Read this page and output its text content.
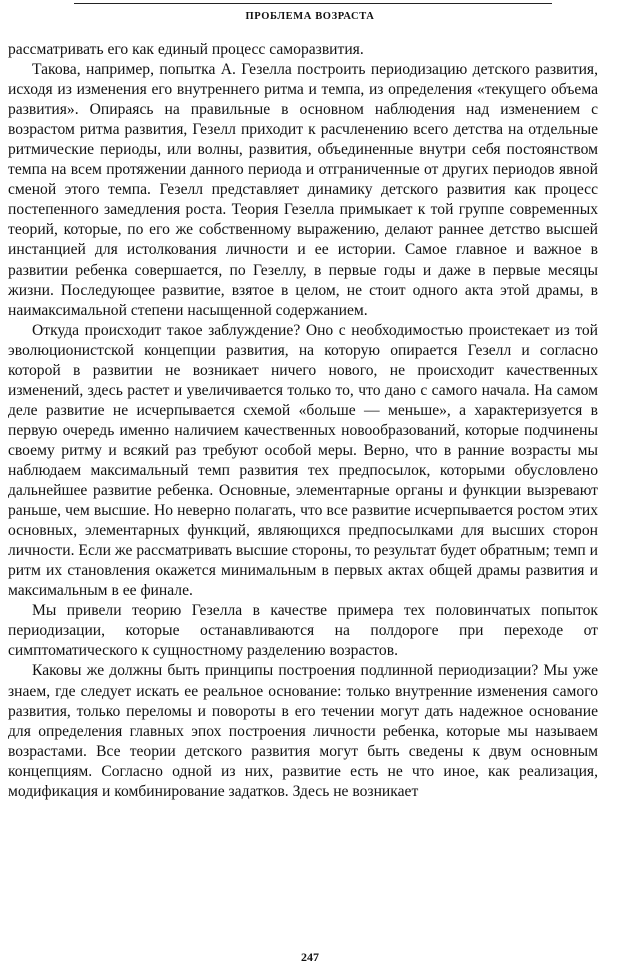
ПРОБЛЕМА ВОЗРАСТА

рассматривать его как единый процесс саморазвития.

Такова, например, попытка А. Гезелла построить периодизацию детского развития, исходя из изменения его внутреннего ритма и темпа, из определения «текущего объема развития». Опираясь на правильные в основном наблюдения над изменением с возрастом ритма развития, Гезелл приходит к расчленению всего детства на отдельные ритмические периоды, или волны, развития, объединенные внутри себя постоянством темпа на всем протяжении данного периода и отграниченные от других периодов явной сменой этого темпа. Гезелл представляет динамику детского развития как процесс постепенного замедления роста. Теория Гезелла примыкает к той группе современных теорий, которые, по его же собственному выражению, делают раннее детство высшей инстанцией для истолкования личности и ее истории. Самое главное и важное в развитии ребенка совершается, по Гезеллу, в первые годы и даже в первые месяцы жизни. Последующее развитие, взятое в целом, не стоит одного акта этой драмы, в наимаксимальной степени насыщенной содержанием.

Откуда происходит такое заблуждение? Оно с необходимостью проистекает из той эволюционистской концепции развития, на которую опирается Гезелл и согласно которой в развитии не возникает ничего нового, не происходит качественных изменений, здесь растет и увеличивается только то, что дано с самого начала. На самом деле развитие не исчерпывается схемой «больше — меньше», а характеризуется в первую очередь именно наличием качественных новообразований, которые подчинены своему ритму и всякий раз требуют особой меры. Верно, что в ранние возрасты мы наблюдаем максимальный темп развития тех предпосылок, которыми обусловлено дальнейшее развитие ребенка. Основные, элементарные органы и функции вызревают раньше, чем высшие. Но неверно полагать, что все развитие исчерпывается ростом этих основных, элементарных функций, являющихся предпосылками для высших сторон личности. Если же рассматривать высшие стороны, то результат будет обратным; темп и ритм их становления окажется минимальным в первых актах общей драмы развития и максимальным в ее финале.

Мы привели теорию Гезелла в качестве примера тех половинчатых попыток периодизации, которые останавливаются на полдороге при переходе от симптоматического к сущностному разделению возрастов.

Каковы же должны быть принципы построения подлинной периодизации? Мы уже знаем, где следует искать ее реальное основание: только внутренние изменения самого развития, только переломы и повороты в его течении могут дать надежное основание для определения главных эпох построения личности ребенка, которые мы называем возрастами. Все теории детского развития могут быть сведены к двум основным концепциям. Согласно одной из них, развитие есть не что иное, как реализация, модификация и комбинирование задатков. Здесь не возникает

247
